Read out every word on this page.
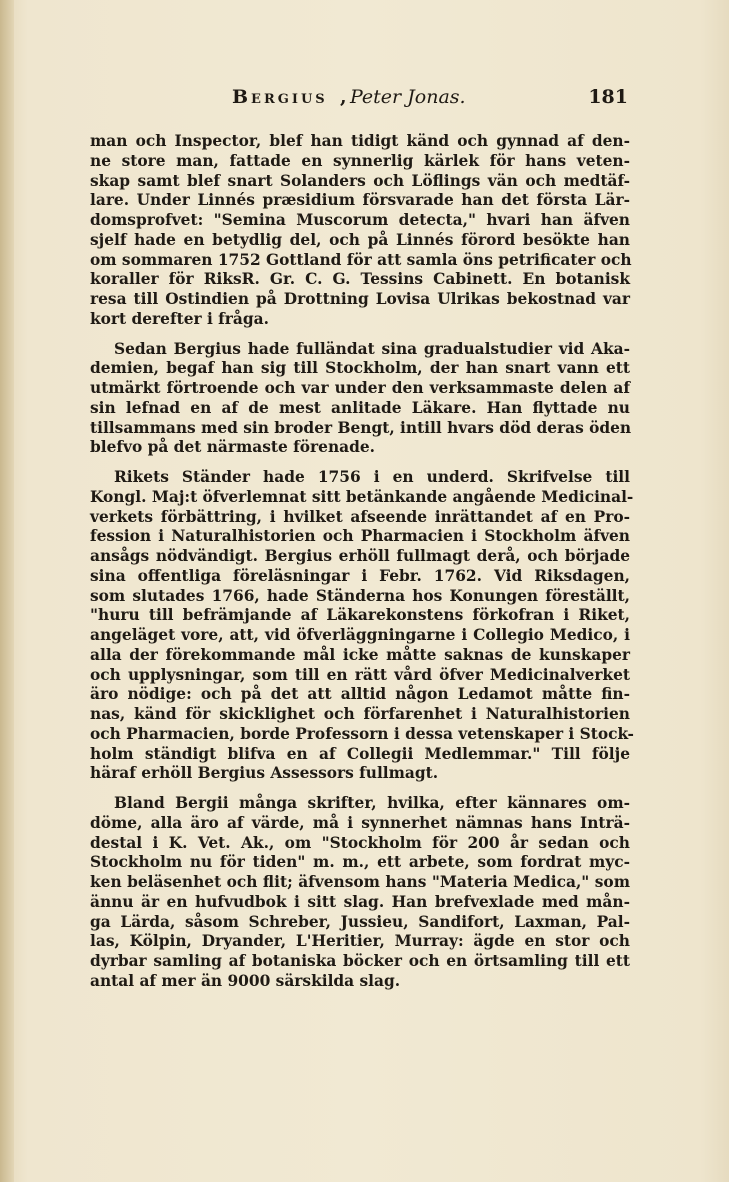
Bergius , Peter Jonas.	181
man och Inspector, blef han tidigt känd och gynnad af den-
ne store man, fattade en synnerlig kärlek för hans veten-
skap samt blef snart Solanders och Löflings vän och medtäf-
lare. Under Linnés præsidium försvarade han det första Lär-
domsprofvet: "Semina Muscorum detecta," hvari han äfven
sjelf hade en betydlig del, och på Linnés förord besökte han
om sommaren 1752 Gottland för att samla öns petrificater och
koraller för RiksR. Gr. C. G. Tessins Cabinett. En botanisk
resa till Ostindien på Drottning Lovisa Ulrikas bekostnad var
kort derefter i fråga.
Sedan Bergius hade fulländat sina gradualstudier vid Aka-
demien, begaf han sig till Stockholm, der han snart vann ett
utmärkt förtroende och var under den verksammaste delen af
sin lefnad en af de mest anlitade Läkare. Han flyttade nu
tillsammans med sin broder Bengt, intill hvars död deras öden
blefvo på det närmaste förenade.
Rikets Ständer hade 1756 i en underd. Skrifvelse till
Kongl. Maj:t öfverlemnat sitt betänkande angående Medicinal-
verkets förbättring, i hvilket afseende inrättandet af en Pro-
fession i Naturalhistorien och Pharmacien i Stockholm äfven
ansågs nödvändigt. Bergius erhöll fullmagt derå, och började
sina offentliga föreläsningar i Febr. 1762. Vid Riksdagen,
som slutades 1766, hade Ständerna hos Konungen föreställt,
"huru till befrämjande af Läkarekonstens förkofran i Riket,
angeläget vore, att, vid öfverläggningarne i Collegio Medico, i
alla der förekommande mål icke måtte saknas de kunskaper
och upplysningar, som till en rätt vård öfver Medicinalverket
äro nödige: och på det att alltid någon Ledamot måtte fin-
nas, känd för skicklighet och förfarenhet i Naturalhistorien
och Pharmacien, borde Professorn i dessa vetenskaper i Stock-
holm ständigt blifva en af Collegii Medlemmar." Till följe
häraf erhöll Bergius Assessors fullmagt.
Bland Bergii många skrifter, hvilka, efter kännares om-
döme, alla äro af värde, må i synnerhet nämnas hans Inträ-
destal i K. Vet. Ak., om "Stockholm för 200 år sedan och
Stockholm nu för tiden" m. m., ett arbete, som fordrat myc-
ken beläsenhet och flit; äfvensom hans "Materia Medica," som
ännu är en hufvudbok i sitt slag. Han brefvexlade med mån-
ga Lärda, såsom Schreber, Jussieu, Sandifort, Laxman, Pal-
las, Kölpin, Dryander, L'Heritier, Murray: ägde en stor och
dyrbar samling af botaniska böcker och en örtsamling till ett
antal af mer än 9000 särskilda slag.
